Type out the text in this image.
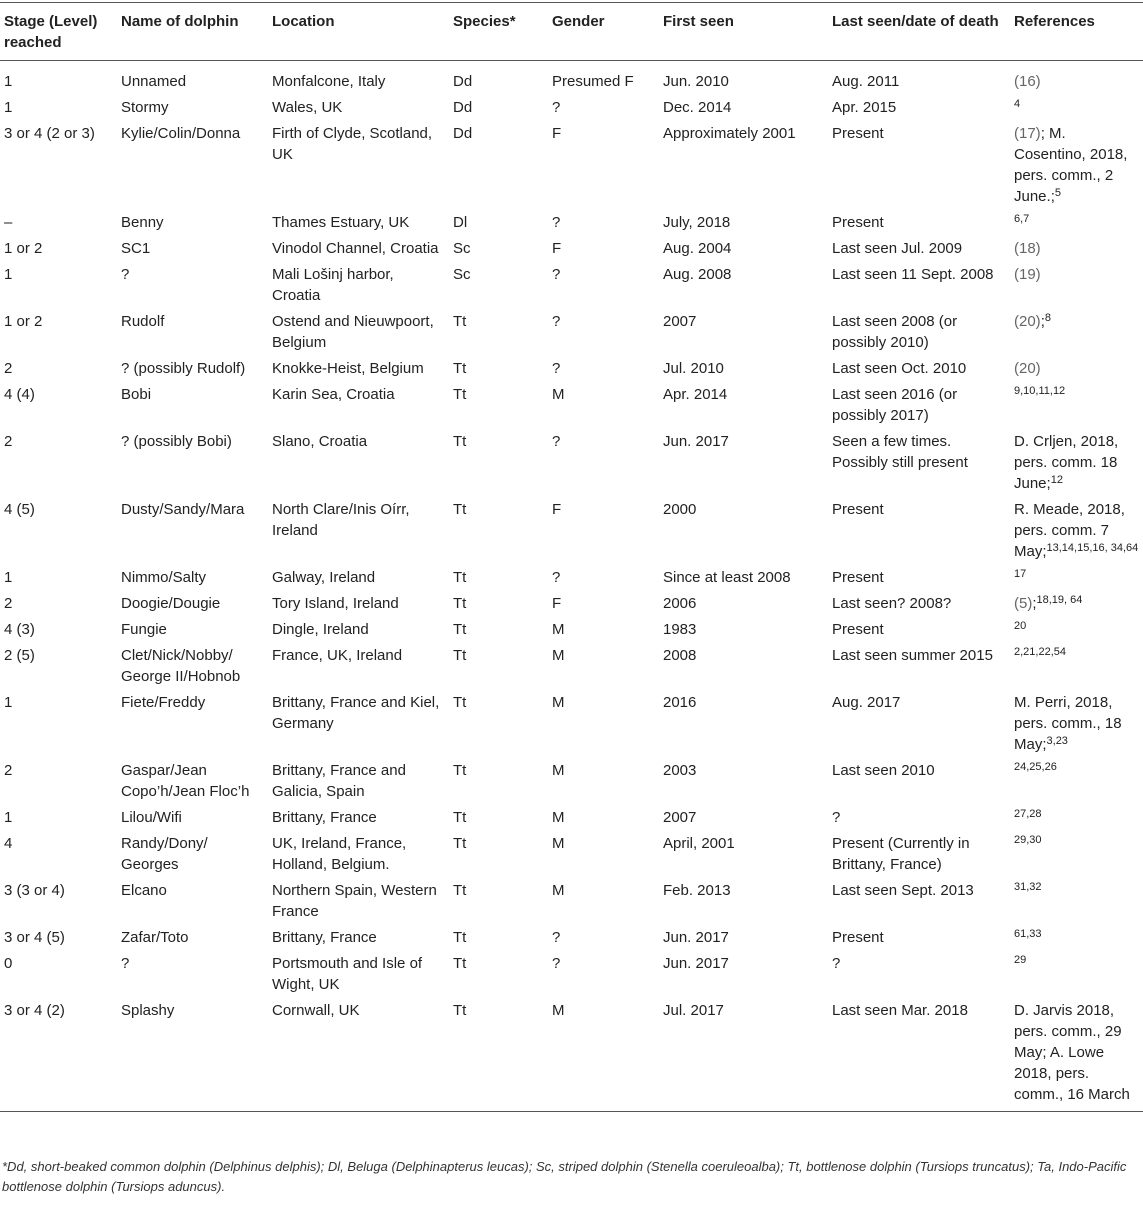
Stage (Level) reached	Name of dolphin	Location	Species*	Gender	First seen	Last seen/date of death	References
1	Unnamed	Monfalcone, Italy	Dd	Presumed F	Jun. 2010	Aug. 2011	(16)
1	Stormy	Wales, UK	Dd	?	Dec. 2014	Apr. 2015	$^4$
3 or 4 (2 or 3)	Kylie/Colin/Donna	Firth of Clyde, Scotland, UK	Dd	F	Approximately 2001	Present	(17); M. Cosentino, 2018, pers. comm., 2 June.;$^5$
–	Benny	Thames Estuary, UK	Dl	?	July, 2018	Present	$^{6,7}$
1 or 2	SC1	Vinodol Channel, Croatia	Sc	F	Aug. 2004	Last seen Jul. 2009	(18)
1	?	Mali Lošinj harbor, Croatia	Sc	?	Aug. 2008	Last seen 11 Sept. 2008	(19)
1 or 2	Rudolf	Ostend and Nieuwpoort, Belgium	Tt	?	2007	Last seen 2008 (or possibly 2010)	(20);$^8$
2	? (possibly Rudolf)	Knokke-Heist, Belgium	Tt	?	Jul. 2010	Last seen Oct. 2010	(20)
4 (4)	Bobi	Karin Sea, Croatia	Tt	M	Apr. 2014	Last seen 2016 (or possibly 2017)	$^{9,10,11,12}$
2	? (possibly Bobi)	Slano, Croatia	Tt	?	Jun. 2017	Seen a few times. Possibly still present	D. Crljen, 2018, pers. comm. 18 June;$^{12}$
4 (5)	Dusty/Sandy/Mara	North Clare/Inis Oírr, Ireland	Tt	F	2000	Present	R. Meade, 2018, pers. comm. 7 May;$^{13,14,15,16, 34,64}$
1	Nimmo/Salty	Galway, Ireland	Tt	?	Since at least 2008	Present	$^{17}$
2	Doogie/Dougie	Tory Island, Ireland	Tt	F	2006	Last seen? 2008?	(5);$^{18,19, 64}$
4 (3)	Fungie	Dingle, Ireland	Tt	M	1983	Present	$^{20}$
2 (5)	Clet/Nick/Nobby/ George II/Hobnob	France, UK, Ireland	Tt	M	2008	Last seen summer 2015	$^{2,21,22,54}$
1	Fiete/Freddy	Brittany, France and Kiel, Germany	Tt	M	2016	Aug. 2017	M. Perri, 2018, pers. comm., 18 May;$^{3,23}$
2	Gaspar/Jean Copo’h/Jean Floc’h	Brittany, France and Galicia, Spain	Tt	M	2003	Last seen 2010	$^{24,25,26}$
1	Lilou/Wifi	Brittany, France	Tt	M	2007	?	$^{27,28}$
4	Randy/Dony/ Georges	UK, Ireland, France, Holland, Belgium.	Tt	M	April, 2001	Present (Currently in Brittany, France)	$^{29,30}$
3 (3 or 4)	Elcano	Northern Spain, Western France	Tt	M	Feb. 2013	Last seen Sept. 2013	$^{31,32}$
3 or 4 (5)	Zafar/Toto	Brittany, France	Tt	?	Jun. 2017	Present	$^{61,33}$
0	?	Portsmouth and Isle of Wight, UK	Tt	?	Jun. 2017	?	$^{29}$
3 or 4 (2)	Splashy	Cornwall, UK	Tt	M	Jul. 2017	Last seen Mar. 2018	D. Jarvis 2018, pers. comm., 29 May; A. Lowe 2018, pers. comm., 16 March

*Dd, short-beaked common dolphin (Delphinus delphis); Dl, Beluga (Delphinapterus leucas); Sc, striped dolphin (Stenella coeruleoalba); Tt, bottlenose dolphin (Tursiops truncatus); Ta, Indo-Pacific bottlenose dolphin (Tursiops aduncus).
